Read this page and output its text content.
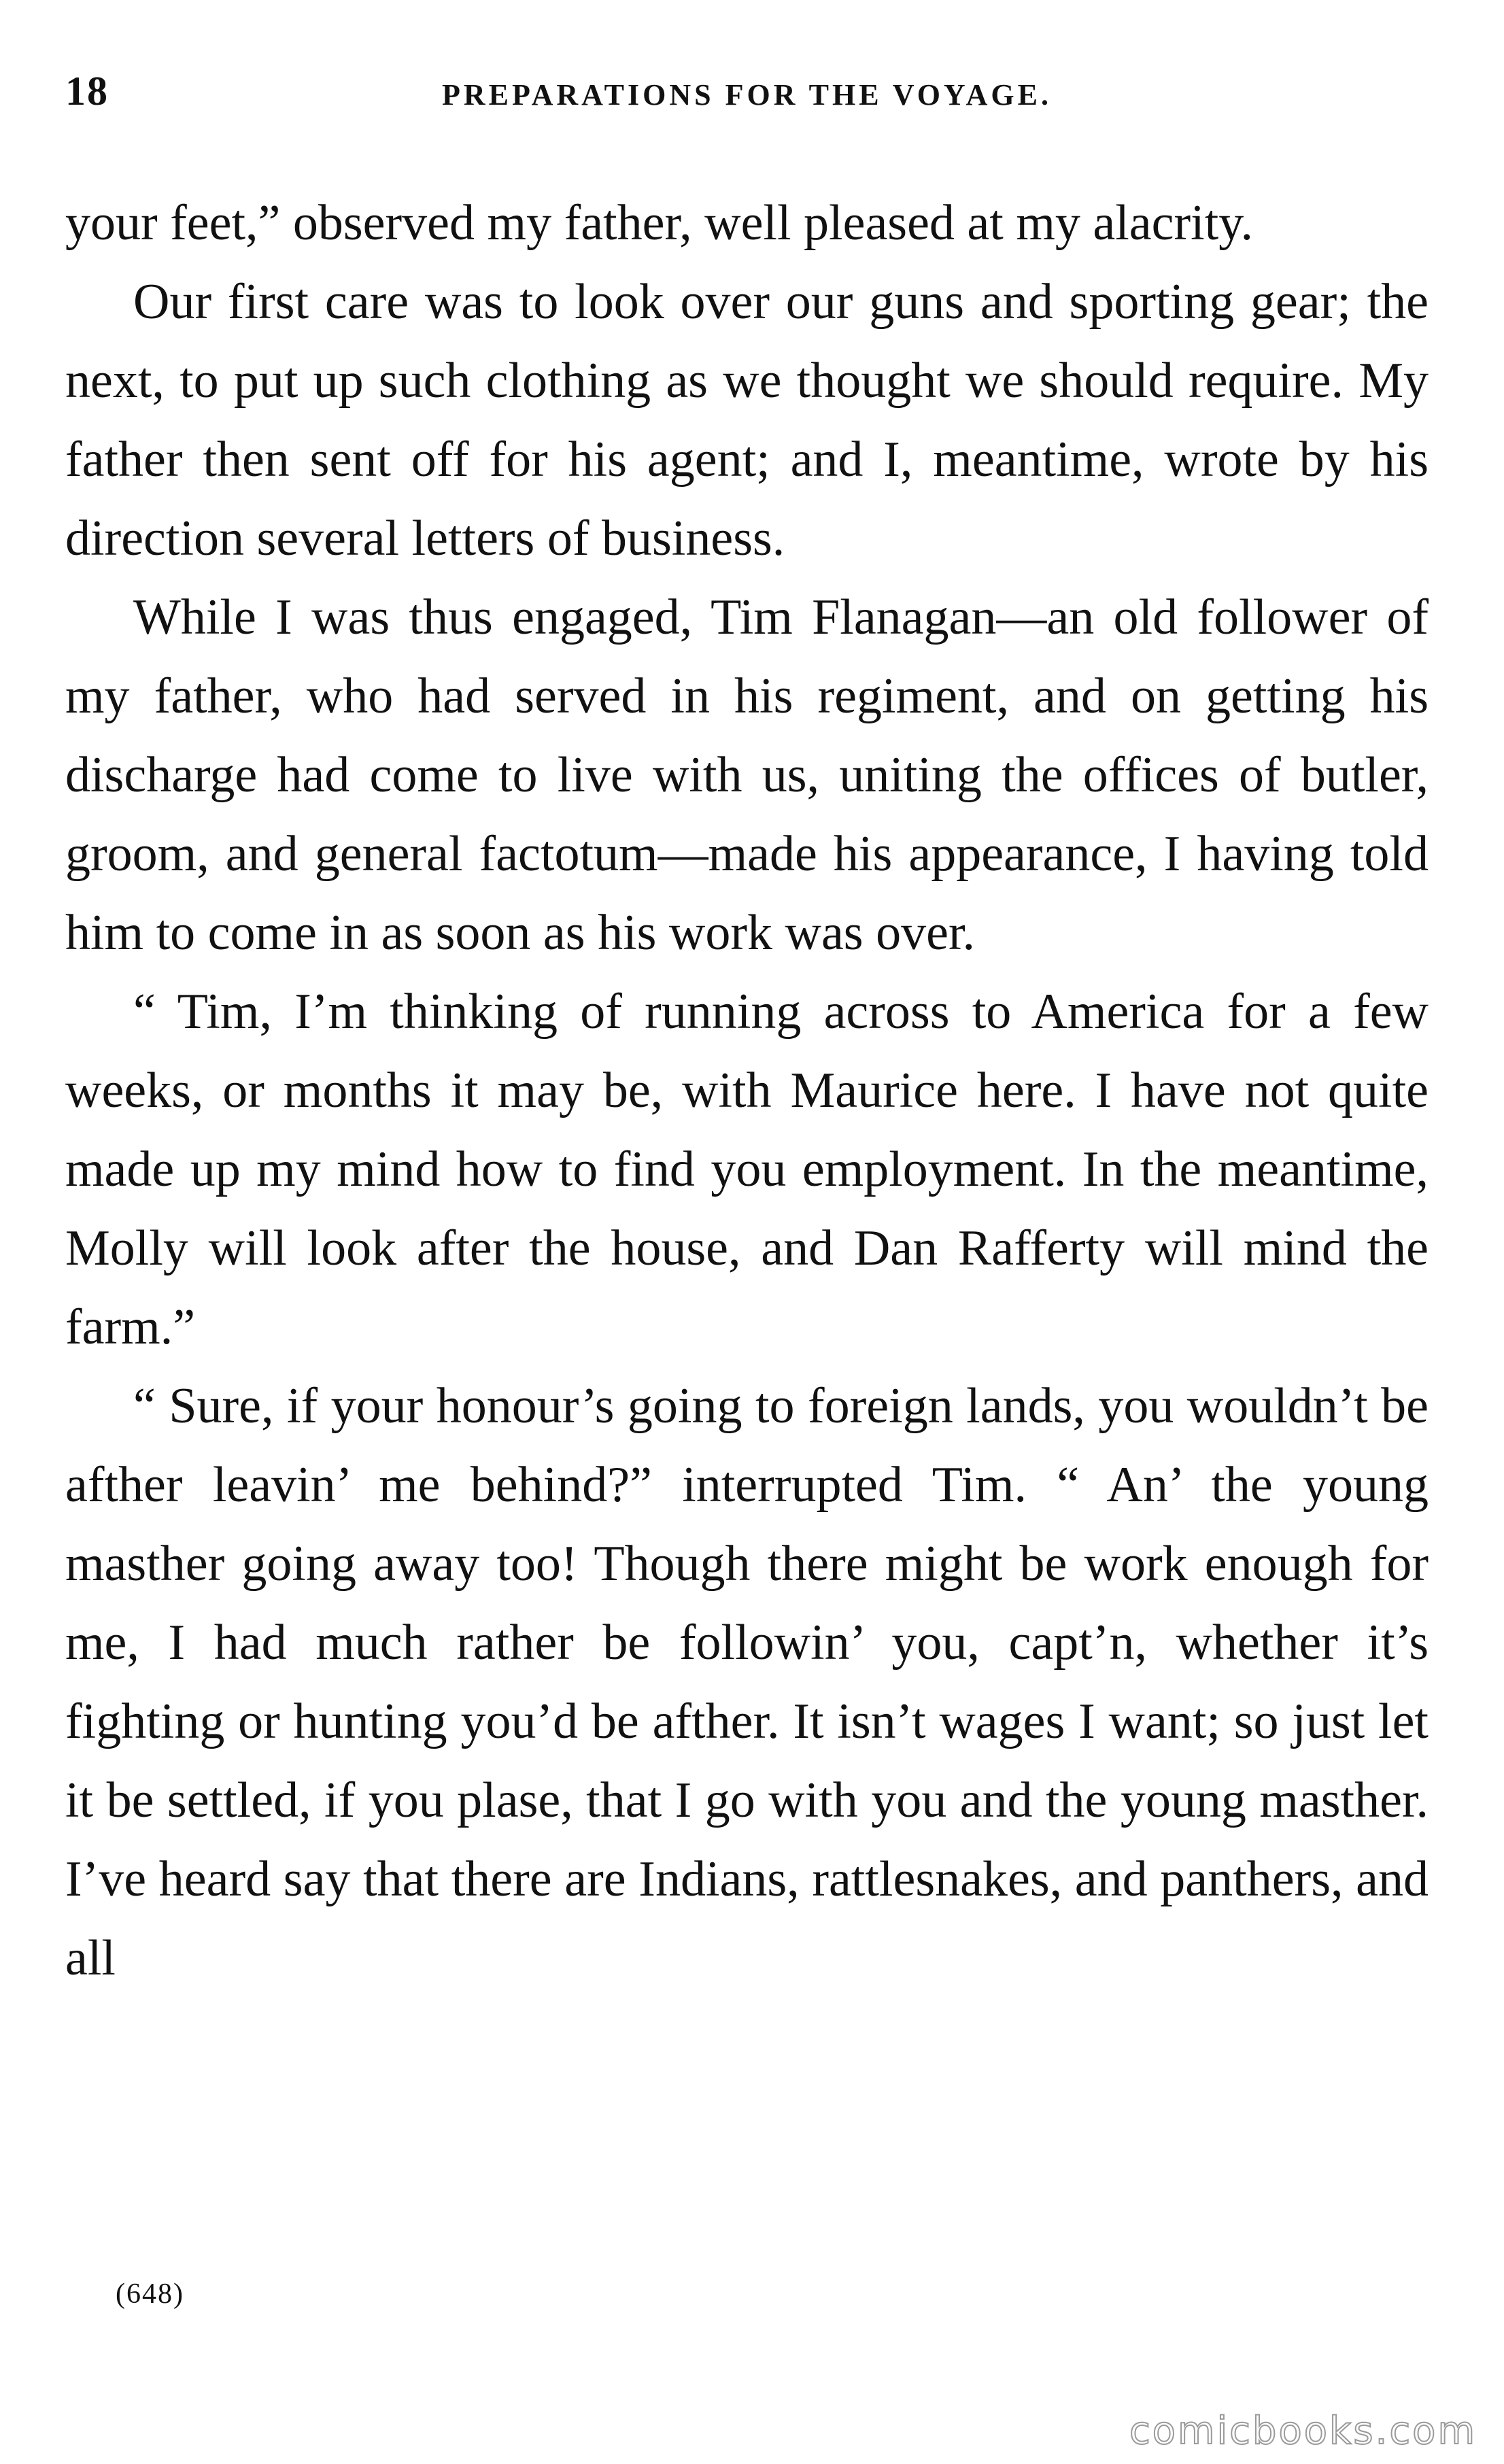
18	PREPARATIONS FOR THE VOYAGE.

your feet,” observed my father, well pleased at my alacrity.

Our first care was to look over our guns and sporting gear; the next, to put up such clothing as we thought we should require. My father then sent off for his agent; and I, meantime, wrote by his direction several letters of business.

While I was thus engaged, Tim Flanagan—an old follower of my father, who had served in his regiment, and on getting his discharge had come to live with us, uniting the offices of butler, groom, and general factotum—made his appearance, I having told him to come in as soon as his work was over.

“ Tim, I’m thinking of running across to America for a few weeks, or months it may be, with Maurice here. I have not quite made up my mind how to find you employment. In the meantime, Molly will look after the house, and Dan Rafferty will mind the farm.”

“ Sure, if your honour’s going to foreign lands, you wouldn’t be afther leavin’ me behind?” interrupted Tim. “ An’ the young masther going away too! Though there might be work enough for me, I had much rather be followin’ you, capt’n, whether it’s fighting or hunting you’d be afther. It isn’t wages I want; so just let it be settled, if you plase, that I go with you and the young masther. I’ve heard say that there are Indians, rattlesnakes, and panthers, and all

(648)
comicbooks.com
